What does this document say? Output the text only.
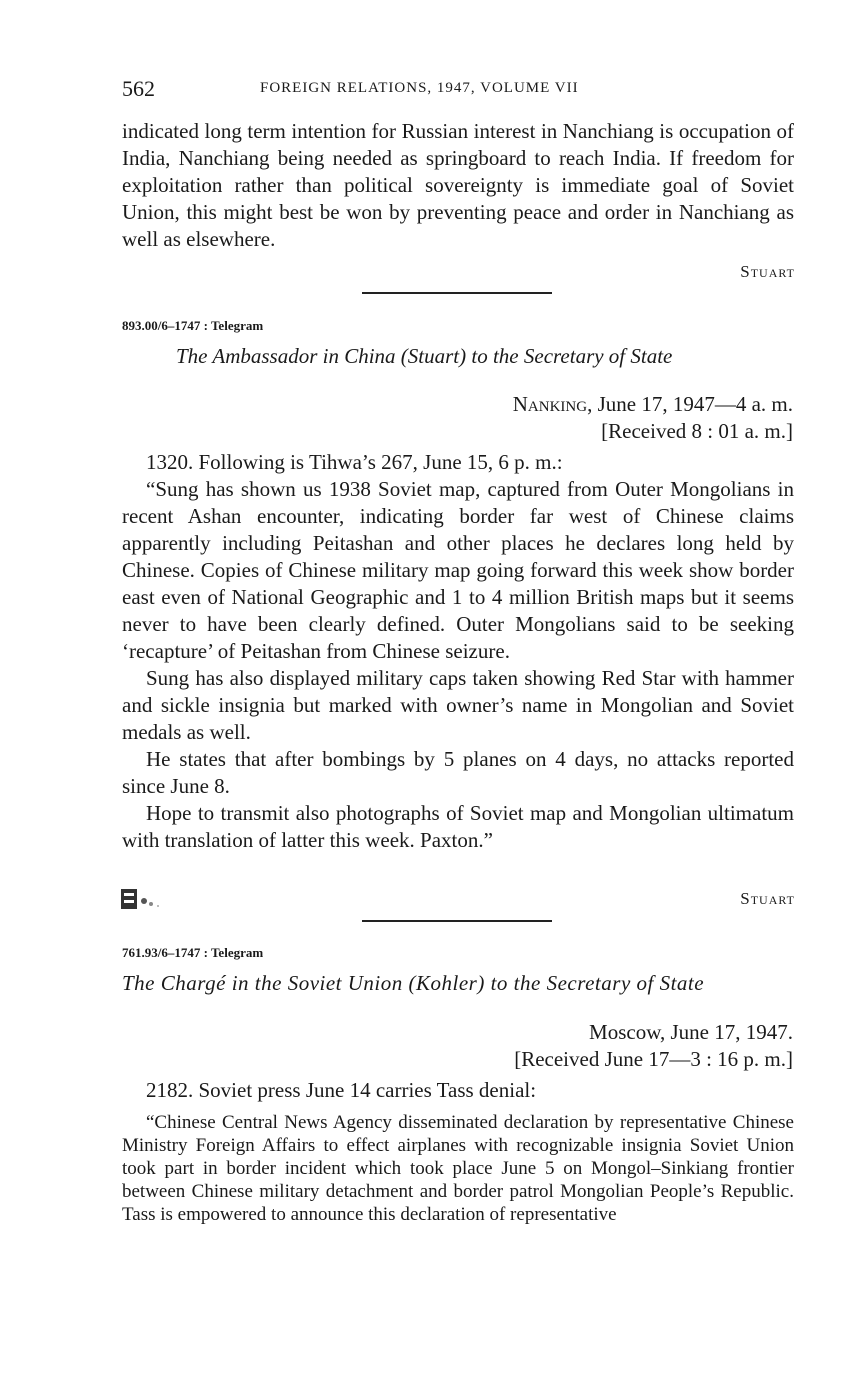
562	FOREIGN RELATIONS, 1947, VOLUME VII

indicated long term intention for Russian interest in Nanchiang is occupation of India, Nanchiang being needed as springboard to reach India. If freedom for exploitation rather than political sovereignty is immediate goal of Soviet Union, this might best be won by preventing peace and order in Nanchiang as well as elsewhere.

Stuart
893.00/6–1747 : Telegram
The Ambassador in China (Stuart) to the Secretary of State
Nanking, June 17, 1947—4 a. m.
[Received 8 : 01 a. m.]

1320. Following is Tihwa’s 267, June 15, 6 p. m.:

“Sung has shown us 1938 Soviet map, captured from Outer Mongolians in recent Ashan encounter, indicating border far west of Chinese claims apparently including Peitashan and other places he declares long held by Chinese. Copies of Chinese military map going forward this week show border east even of National Geographic and 1 to 4 million British maps but it seems never to have been clearly defined. Outer Mongolians said to be seeking ‘recapture’ of Peitashan from Chinese seizure.

Sung has also displayed military caps taken showing Red Star with hammer and sickle insignia but marked with owner’s name in Mongolian and Soviet medals as well.

He states that after bombings by 5 planes on 4 days, no attacks reported since June 8.

Hope to transmit also photographs of Soviet map and Mongolian ultimatum with translation of latter this week. Paxton.”

Stuart
761.93/6–1747 : Telegram
The Chargé in the Soviet Union (Kohler) to the Secretary of State
Moscow, June 17, 1947.
[Received June 17—3 : 16 p. m.]

2182. Soviet press June 14 carries Tass denial:

“Chinese Central News Agency disseminated declaration by representative Chinese Ministry Foreign Affairs to effect airplanes with recognizable insignia Soviet Union took part in border incident which took place June 5 on Mongol–Sinkiang frontier between Chinese military detachment and border patrol Mongolian People’s Republic. Tass is empowered to announce this declaration of representative
